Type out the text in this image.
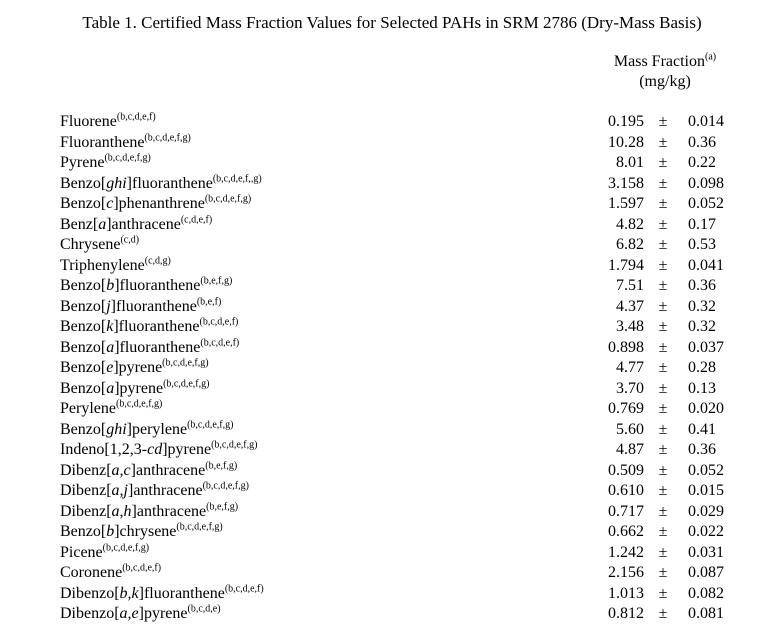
Table 1. Certified Mass Fraction Values for Selected PAHs in SRM 2786 (Dry-Mass Basis)
Mass Fraction$^{(a)}$
(mg/kg)
Fluorene$^{(b,c,d,e,f)}$	0.195 ± 0.014
Fluoranthene$^{(b,c,d,e,f,g)}$	10.28 ± 0.36
Pyrene$^{(b,c,d,e,f,g)}$	8.01 ± 0.22
Benzo[ghi]fluoranthene$^{(b,c,d,e,f,,g)}$	3.158 ± 0.098
Benzo[c]phenanthrene$^{(b,c,d,e,f,g)}$	1.597 ± 0.052
Benz[a]anthracene$^{(c,d,e,f)}$	4.82 ± 0.17
Chrysene$^{(c,d)}$	6.82 ± 0.53
Triphenylene$^{(c,d,g)}$	1.794 ± 0.041
Benzo[b]fluoranthene$^{(b,e,f,g)}$	7.51 ± 0.36
Benzo[j]fluoranthene$^{(b,e,f)}$	4.37 ± 0.32
Benzo[k]fluoranthene$^{(b,c,d,e,f)}$	3.48 ± 0.32
Benzo[a]fluoranthene$^{(b,c,d,e,f)}$	0.898 ± 0.037
Benzo[e]pyrene$^{(b,c,d,e,f,g)}$	4.77 ± 0.28
Benzo[a]pyrene$^{(b,c,d,e,f,g)}$	3.70 ± 0.13
Perylene$^{(b,c,d,e,f,g)}$	0.769 ± 0.020
Benzo[ghi]perylene$^{(b,c,d,e,f,g)}$	5.60 ± 0.41
Indeno[1,2,3-cd]pyrene$^{(b,c,d,e,f,g)}$	4.87 ± 0.36
Dibenz[a,c]anthracene$^{(b,e,f,g)}$	0.509 ± 0.052
Dibenz[a,j]anthracene$^{(b,c,d,e,f,g)}$	0.610 ± 0.015
Dibenz[a,h]anthracene$^{(b,e,f,g)}$	0.717 ± 0.029
Benzo[b]chrysene$^{(b,c,d,e,f,g)}$	0.662 ± 0.022
Picene$^{(b,c,d,e,f,g)}$	1.242 ± 0.031
Coronene$^{(b,c,d,e,f)}$	2.156 ± 0.087
Dibenzo[b,k]fluoranthene$^{(b,c,d,e,f)}$	1.013 ± 0.082
Dibenzo[a,e]pyrene$^{(b,c,d,e)}$	0.812 ± 0.081
